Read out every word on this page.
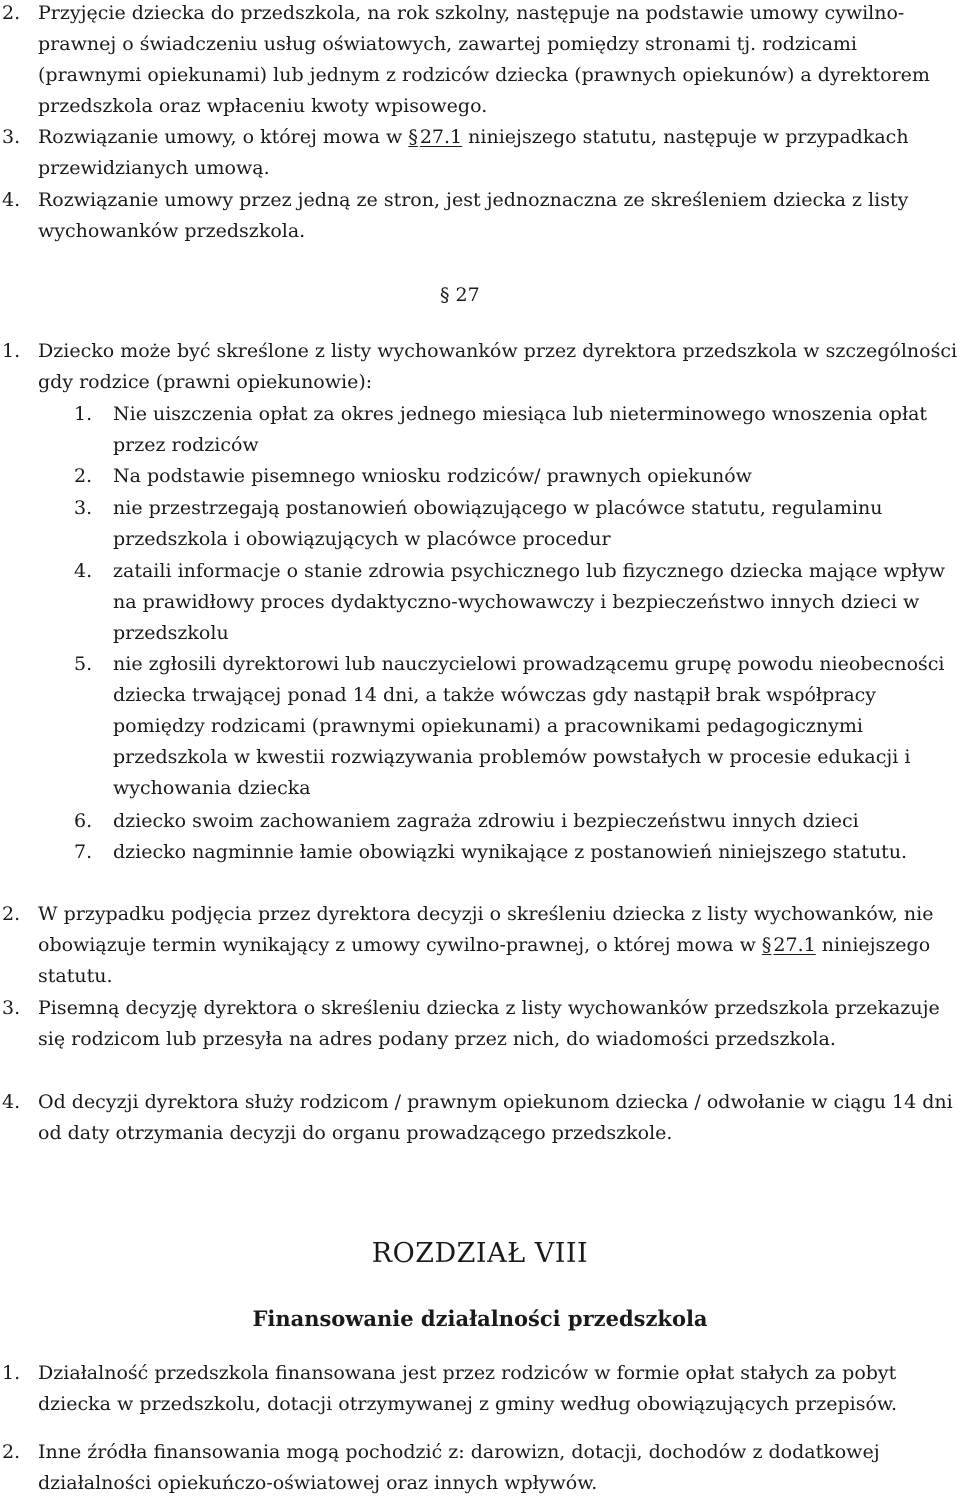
2. Przyjęcie dziecka do przedszkola, na rok szkolny, następuje na podstawie umowy cywilno-prawnej o świadczeniu usług oświatowych, zawartej pomiędzy stronami tj. rodzicami (prawnymi opiekunami) lub jednym z rodziców dziecka (prawnych opiekunów) a dyrektorem przedszkola oraz wpłaceniu kwoty wpisowego.
3. Rozwiązanie umowy, o której mowa w § 27.1 niniejszego statutu, następuje w przypadkach przewidzianych umową.
4. Rozwiązanie umowy przez jedną ze stron, jest jednoznaczna ze skreśleniem dziecka z listy wychowanków przedszkola.
§ 27
1. Dziecko może być skreślone z listy wychowanków przez dyrektora przedszkola w szczególności gdy rodzice (prawni opiekunowie):
1. Nie uiszczenia opłat za okres jednego miesiąca lub nieterminowego wnoszenia opłat przez rodziców
2. Na podstawie pisemnego wniosku rodziców/ prawnych opiekunów
3. nie przestrzegają postanowień obowiązującego w placówce statutu, regulaminu przedszkola i obowiązujących w placówce procedur
4. zataili informacje o stanie zdrowia psychicznego lub fizycznego dziecka mające wpływ na prawidłowy proces dydaktyczno-wychowawczy i bezpieczeństwo innych dzieci w przedszkolu
5. nie zgłosili dyrektorowi lub nauczycielowi prowadzącemu grupę powodu nieobecności dziecka trwającej ponad 14 dni, a także wówczas gdy nastąpił brak współpracy pomiędzy rodzicami (prawnymi opiekunami) a pracownikami pedagogicznymi przedszkola w kwestii rozwiązywania problemów powstałych w procesie edukacji i wychowania dziecka
6. dziecko swoim zachowaniem zagraża zdrowiu i bezpieczeństwu innych dzieci
7. dziecko nagminnie łamie obowiązki wynikające z postanowień niniejszego statutu.
2. W przypadku podjęcia przez dyrektora decyzji o skreśleniu dziecka z listy wychowanków, nie obowiązuje termin wynikający z umowy cywilno-prawnej, o której mowa w § 27.1 niniejszego statutu.
3. Pisemną decyzję dyrektora o skreśleniu dziecka z listy wychowanków przedszkola przekazuje się rodzicom lub przesyła na adres podany przez nich, do wiadomości przedszkola.
4. Od decyzji dyrektora służy rodzicom / prawnym opiekunom dziecka / odwołanie w ciągu 14 dni od daty otrzymania decyzji do organu prowadzącego przedszkole.
ROZDZIAŁ VIII
Finansowanie działalności przedszkola
1. Działalność przedszkola finansowana jest przez rodziców w formie opłat stałych za pobyt dziecka w przedszkolu, dotacji otrzymywanej z gminy według obowiązujących przepisów.
2. Inne źródła finansowania mogą pochodzić z: darowizn, dotacji, dochodów z dodatkowej działalności opiekuńczo-oświatowej oraz innych wpływów.
